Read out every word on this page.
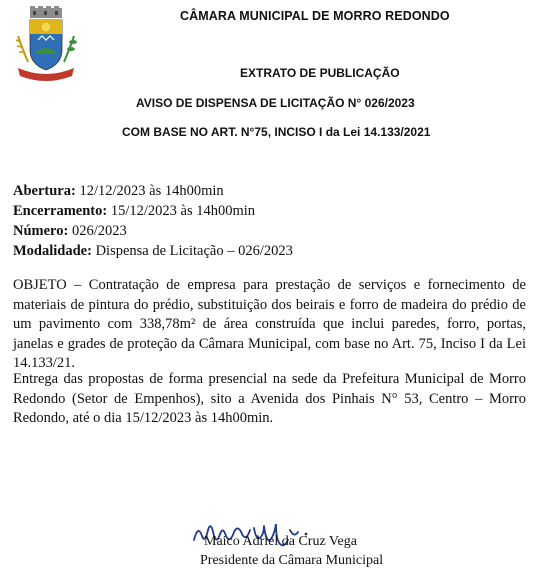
CÂMARA MUNICIPAL DE MORRO REDONDO
EXTRATO DE PUBLICAÇÃO
AVISO DE DISPENSA DE LICITAÇÃO N° 026/2023
COM BASE NO ART. N°75, INCISO I da Lei 14.133/2021
Abertura: 12/12/2023 às 14h00min
Encerramento: 15/12/2023 às 14h00min
Número: 026/2023
Modalidade: Dispensa de Licitação – 026/2023

OBJETO – Contratação de empresa para prestação de serviços e fornecimento de materiais de pintura do prédio, substituição dos beirais e forro de madeira do prédio de um pavimento com 338,78m² de área construída que inclui paredes, forro, portas, janelas e grades de proteção da Câmara Municipal, com base no Art. 75, Inciso I da Lei 14.133/21.

Entrega das propostas de forma presencial na sede da Prefeitura Municipal de Morro Redondo (Setor de Empenhos), sito a Avenida dos Pinhais N° 53, Centro – Morro Redondo, até o dia 15/12/2023 às 14h00min.

Maico Adriel da Cruz Vega
Presidente da Câmara Municipal
